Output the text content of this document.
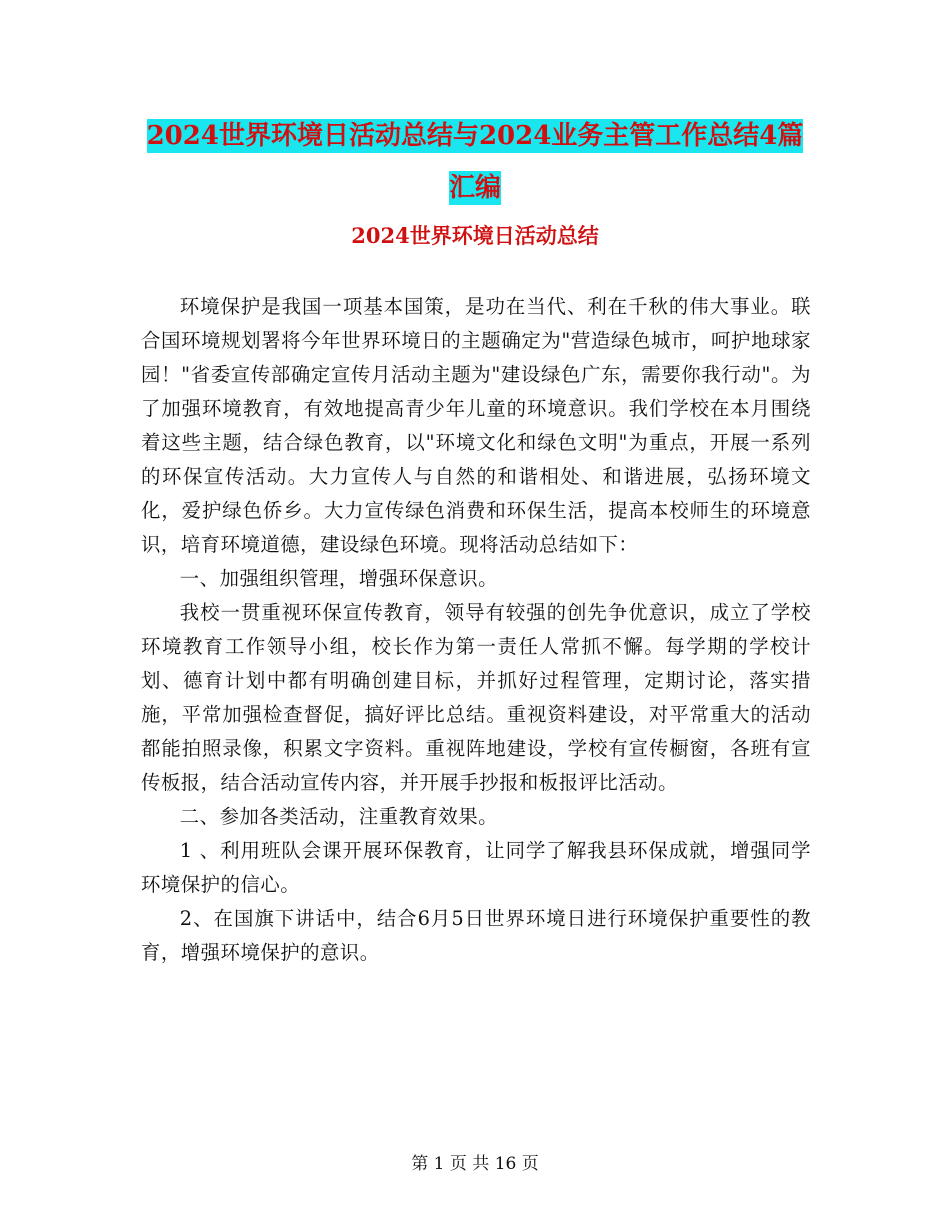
2024世界环境日活动总结与2024业务主管工作总结4篇汇编
2024世界环境日活动总结

环境保护是我国一项基本国策，是功在当代、利在千秋的伟大事业。联合国环境规划署将今年世界环境日的主题确定为"营造绿色城市，呵护地球家园！"省委宣传部确定宣传月活动主题为"建设绿色广东，需要你我行动"。为了加强环境教育，有效地提高青少年儿童的环境意识。我们学校在本月围绕着这些主题，结合绿色教育，以"环境文化和绿色文明"为重点，开展一系列的环保宣传活动。大力宣传人与自然的和谐相处、和谐进展，弘扬环境文化，爱护绿色侨乡。大力宣传绿色消费和环保生活，提高本校师生的环境意识，培育环境道德，建设绿色环境。现将活动总结如下：

一、加强组织管理，增强环保意识。

我校一贯重视环保宣传教育，领导有较强的创先争优意识，成立了学校环境教育工作领导小组，校长作为第一责任人常抓不懈。每学期的学校计划、德育计划中都有明确创建目标，并抓好过程管理，定期讨论，落实措施，平常加强检查督促，搞好评比总结。重视资料建设，对平常重大的活动都能拍照录像，积累文字资料。重视阵地建设，学校有宣传橱窗，各班有宣传板报，结合活动宣传内容，并开展手抄报和板报评比活动。

二、参加各类活动，注重教育效果。

1 、利用班队会课开展环保教育，让同学了解我县环保成就，增强同学环境保护的信心。

2、在国旗下讲话中，结合6月5日世界环境日进行环境保护重要性的教育，增强环境保护的意识。

第 1 页 共 16 页
